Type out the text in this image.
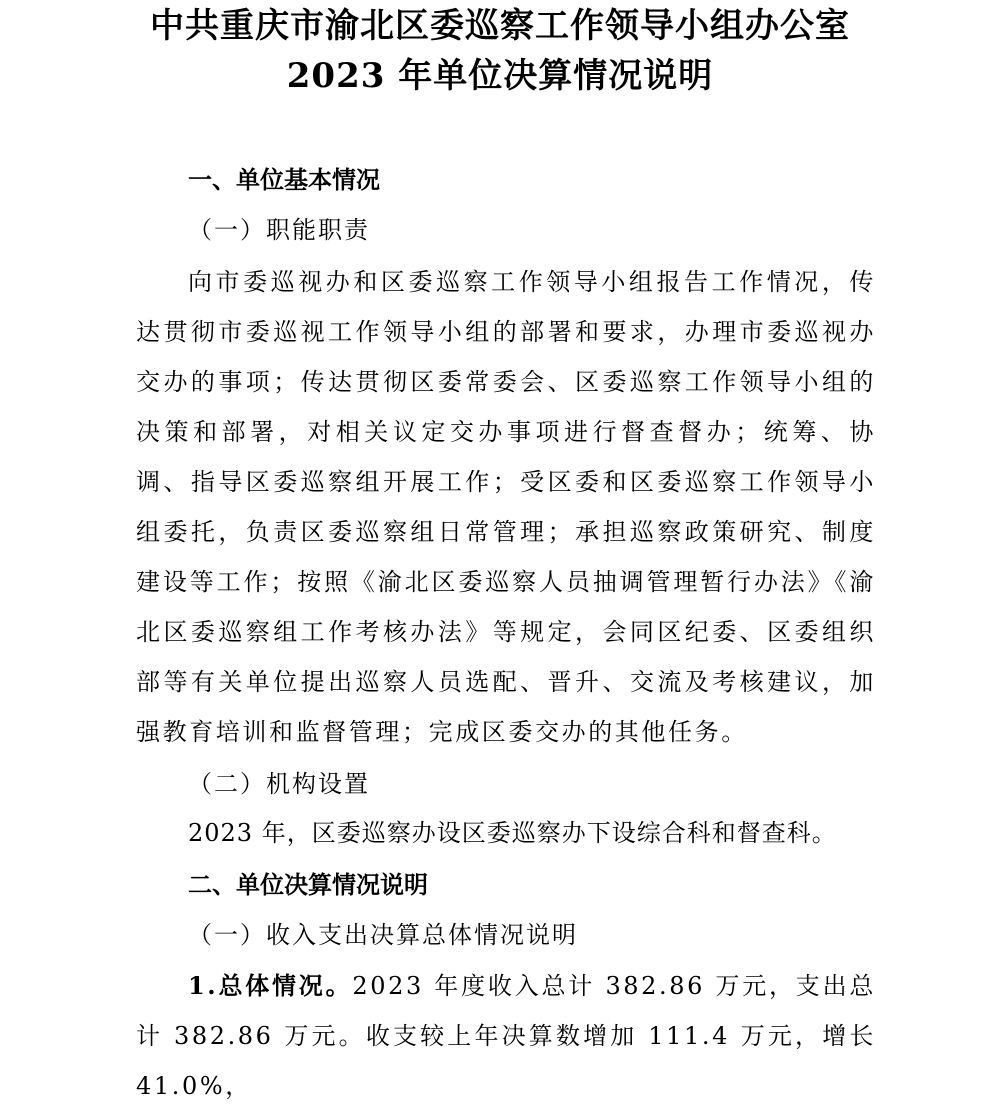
中共重庆市渝北区委巡察工作领导小组办公室
2023 年单位决算情况说明
一、单位基本情况
（一）职能职责
向市委巡视办和区委巡察工作领导小组报告工作情况，传达贯彻市委巡视工作领导小组的部署和要求，办理市委巡视办交办的事项；传达贯彻区委常委会、区委巡察工作领导小组的决策和部署，对相关议定交办事项进行督查督办；统筹、协调、指导区委巡察组开展工作；受区委和区委巡察工作领导小组委托，负责区委巡察组日常管理；承担巡察政策研究、制度建设等工作；按照《渝北区委巡察人员抽调管理暂行办法》《渝北区委巡察组工作考核办法》等规定，会同区纪委、区委组织部等有关单位提出巡察人员选配、晋升、交流及考核建议，加强教育培训和监督管理；完成区委交办的其他任务。
（二）机构设置
2023 年，区委巡察办设区委巡察办下设综合科和督查科。
二、单位决算情况说明
（一）收入支出决算总体情况说明
1.总体情况。2023 年度收入总计 382.86 万元，支出总计 382.86 万元。收支较上年决算数增加 111.4 万元，增长 41.0%，
